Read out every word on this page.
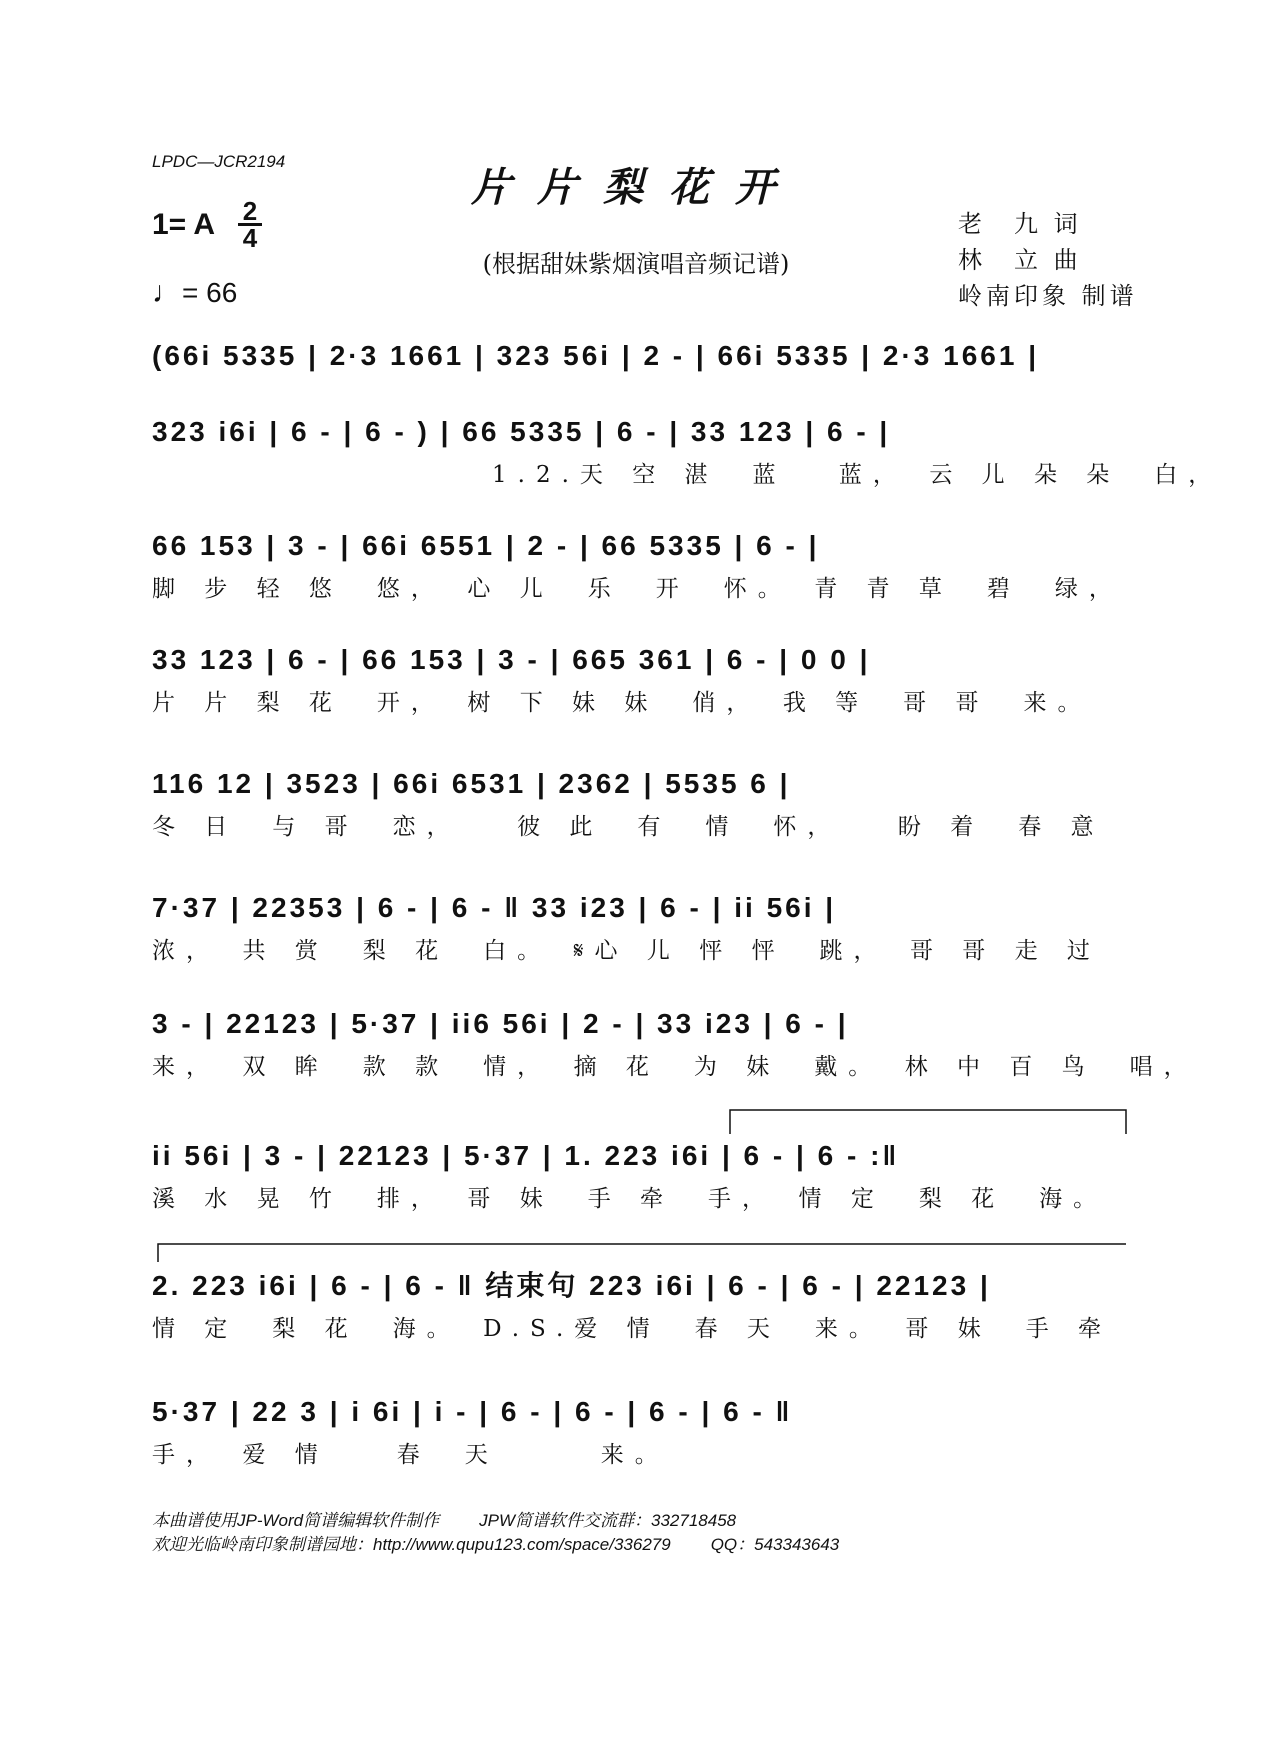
LPDC—JCR2194
片片梨花开
(根据甜妹紫烟演唱音频记谱)
1= A 2
4
♩= 66
老　九 词
林　立 曲
岭南印象 制谱
(66i 5335 | 2·3 1661 | 323 56i | 2 - | 66i 5335 | 2·3 1661 |
323 i6i | 6 - | 6 - ) | 66 5335 | 6 - | 33 123 | 6 - |
1.2.天 空 湛　蓝　 蓝，　云 儿 朵 朵　白，
66 153 | 3 - | 66i 6551 | 2 - | 66 5335 | 6 - |
脚 步 轻 悠　悠，　心 儿　乐　开　怀。　青 青 草　碧　绿，
33 123 | 6 - | 66 153 | 3 - | 665 361 | 6 - | 0 0 |
片 片 梨 花　开，　树 下 妹 妹　俏，　我 等　哥 哥　来。
116 12 | 3523 | 66i 6531 | 2362 | 5535 6 |
冬 日　与 哥　恋，　　彼 此　有　情　怀，　　盼 着　春 意
7·37 | 22353 | 6 - | 6 - ‖ 33 i23 | 6 - | ii 56i |
浓，　共 赏　梨 花　白。　𝄋心 儿 怦 怦　跳，　哥 哥 走 过
3 - | 22123 | 5·37 | ii6 56i | 2 - | 33 i23 | 6 - |
来，　双 眸　款 款　情，　摘 花　为 妹　戴。　林 中 百 鸟　唱，
ii 56i | 3 - | 22123 | 5·37 | 1. 223 i6i | 6 - | 6 - :‖
溪 水 晃 竹　排，　哥 妹　手 牵　手，　情 定　梨 花　海。
2. 223 i6i | 6 - | 6 - ‖ 结束句 223 i6i | 6 - | 6 - | 22123 |
情 定　梨 花　海。　D.S.爱 情　春 天　来。　哥 妹　手 牵
5·37 | 22 3 | i 6i | i - | 6 - | 6 - | 6 - | 6 - ‖
手，　爱 情　　春　天　　　来。
本曲谱使用JP-Word简谱编辑软件制作 JPW简谱软件交流群：332718458
欢迎光临岭南印象制谱园地：http://www.qupu123.com/space/336279 QQ：543343643
